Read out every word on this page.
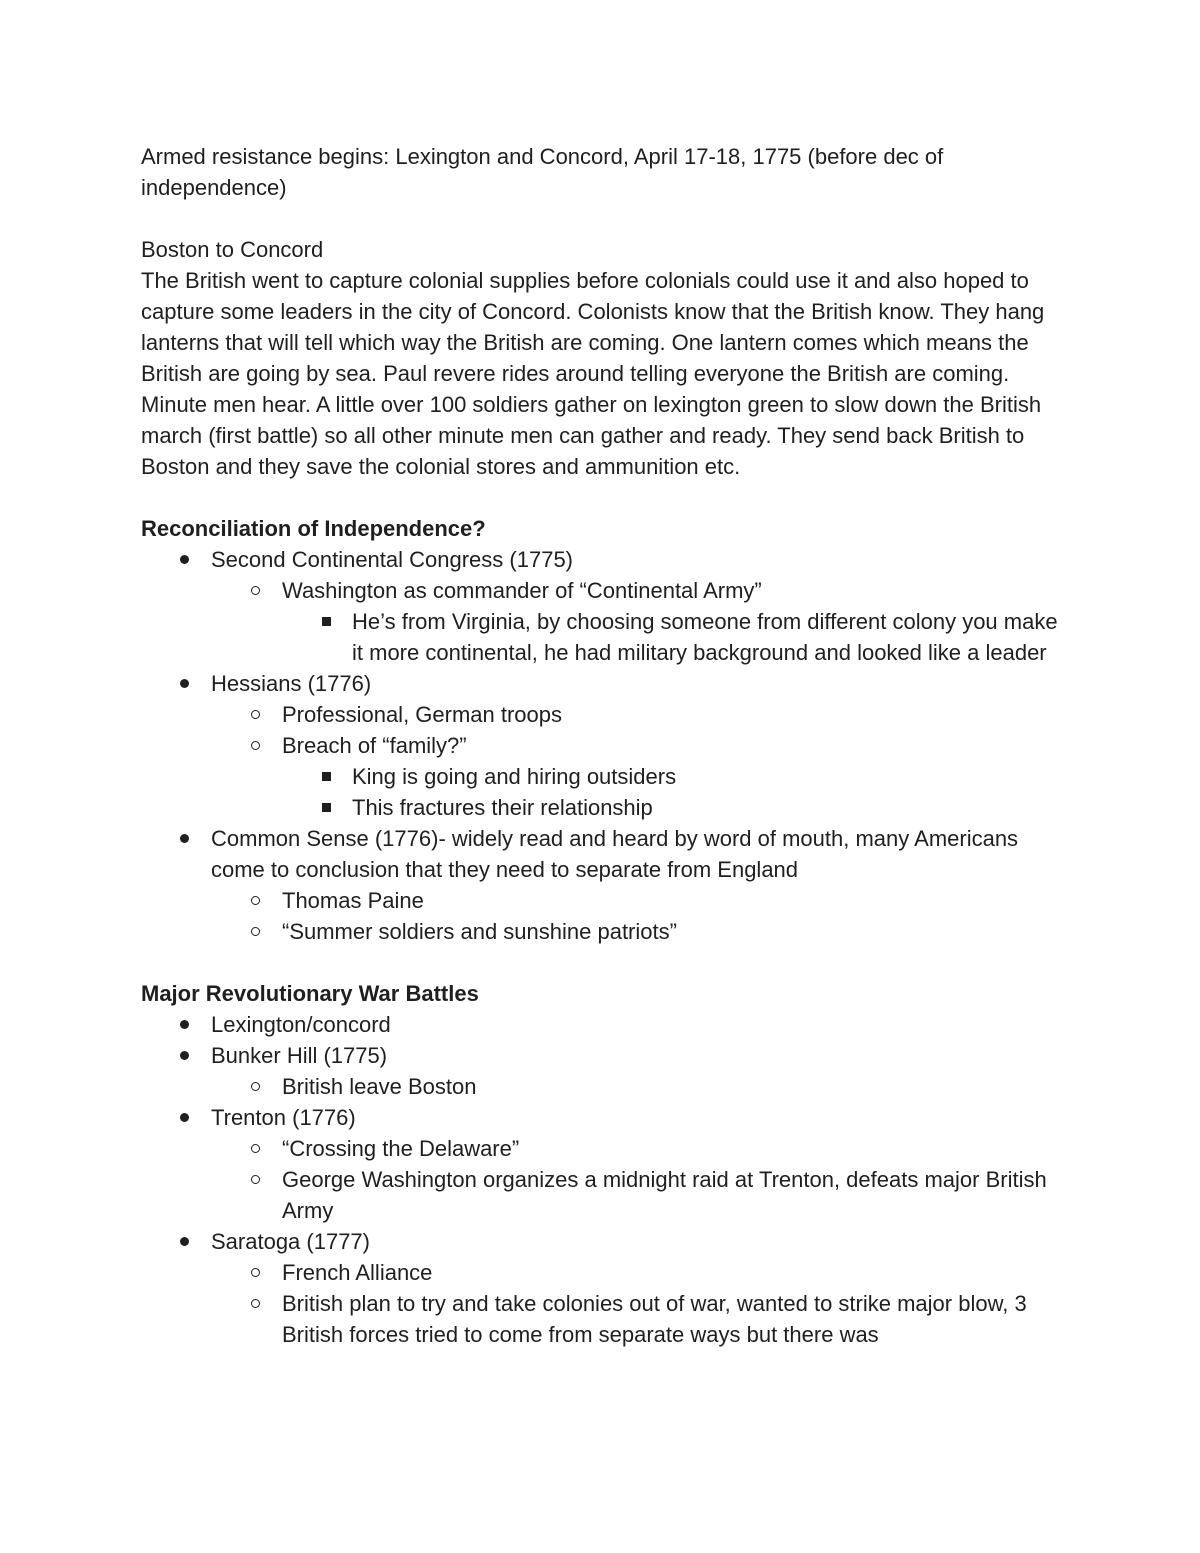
Armed resistance begins: Lexington and Concord, April 17-18, 1775 (before dec of independence)

Boston to Concord

The British went to capture colonial supplies before colonials could use it and also hoped to capture some leaders in the city of Concord. Colonists know that the British know. They hang lanterns that will tell which way the British are coming. One lantern comes which means the British are going by sea. Paul revere rides around telling everyone the British are coming. Minute men hear. A little over 100 soldiers gather on lexington green to slow down the British march (first battle) so all other minute men can gather and ready. They send back British to Boston and they save the colonial stores and ammunition etc.

Reconciliation of Independence?

Second Continental Congress (1775)
Washington as commander of “Continental Army”
He’s from Virginia, by choosing someone from different colony you make it more continental, he had military background and looked like a leader
Hessians (1776)
Professional, German troops
Breach of “family?”
King is going and hiring outsiders
This fractures their relationship
Common Sense (1776)- widely read and heard by word of mouth, many Americans come to conclusion that they need to separate from England
Thomas Paine
“Summer soldiers and sunshine patriots”

Major Revolutionary War Battles

Lexington/concord
Bunker Hill (1775)
British leave Boston
Trenton (1776)
“Crossing the Delaware”
George Washington organizes a midnight raid at Trenton, defeats major British Army
Saratoga (1777)
French Alliance
British plan to try and take colonies out of war, wanted to strike major blow, 3 British forces tried to come from separate ways but there was
